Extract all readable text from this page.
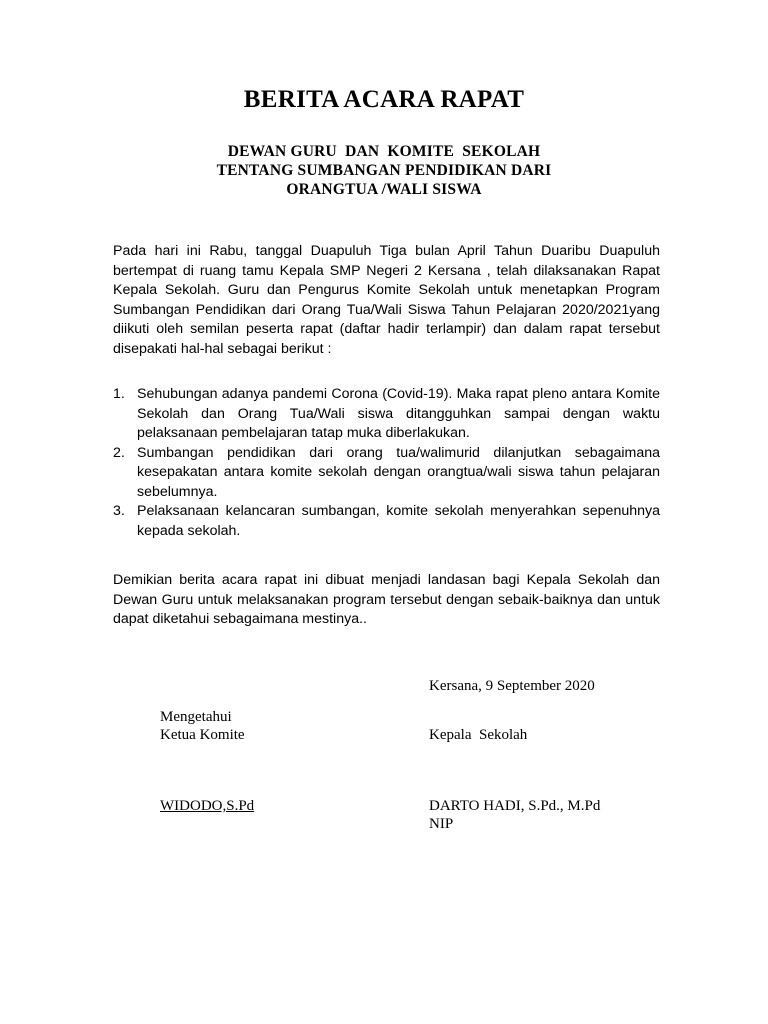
BERITA ACARA RAPAT
DEWAN GURU  DAN  KOMITE  SEKOLAH
TENTANG SUMBANGAN PENDIDIKAN DARI
ORANGTUA /WALI SISWA

Pada hari ini Rabu, tanggal Duapuluh Tiga bulan April Tahun Duaribu Duapuluh bertempat di ruang tamu Kepala SMP Negeri 2 Kersana , telah dilaksanakan Rapat Kepala Sekolah. Guru dan Pengurus Komite Sekolah untuk menetapkan Program Sumbangan Pendidikan dari Orang Tua/Wali Siswa Tahun Pelajaran 2020/2021yang diikuti oleh semilan peserta rapat (daftar hadir terlampir) dan dalam rapat tersebut disepakati hal-hal sebagai berikut :

1. Sehubungan adanya pandemi Corona (Covid-19). Maka rapat pleno antara Komite Sekolah dan Orang Tua/Wali siswa ditangguhkan sampai dengan waktu pelaksanaan pembelajaran tatap muka diberlakukan.
2. Sumbangan pendidikan dari orang tua/walimurid dilanjutkan sebagaimana kesepakatan antara komite sekolah dengan orangtua/wali siswa tahun pelajaran sebelumnya.
3. Pelaksanaan kelancaran sumbangan, komite sekolah menyerahkan sepenuhnya kepada sekolah.

Demikian berita acara rapat ini dibuat menjadi landasan bagi Kepala Sekolah dan Dewan Guru untuk melaksanakan program tersebut dengan sebaik-baiknya dan untuk dapat diketahui sebagaimana mestinya..

Kersana, 9 September 2020
Mengetahui
Ketua Komite	Kepala  Sekolah
WIDODO,S.Pd	DARTO HADI, S.Pd., M.Pd
NIP
